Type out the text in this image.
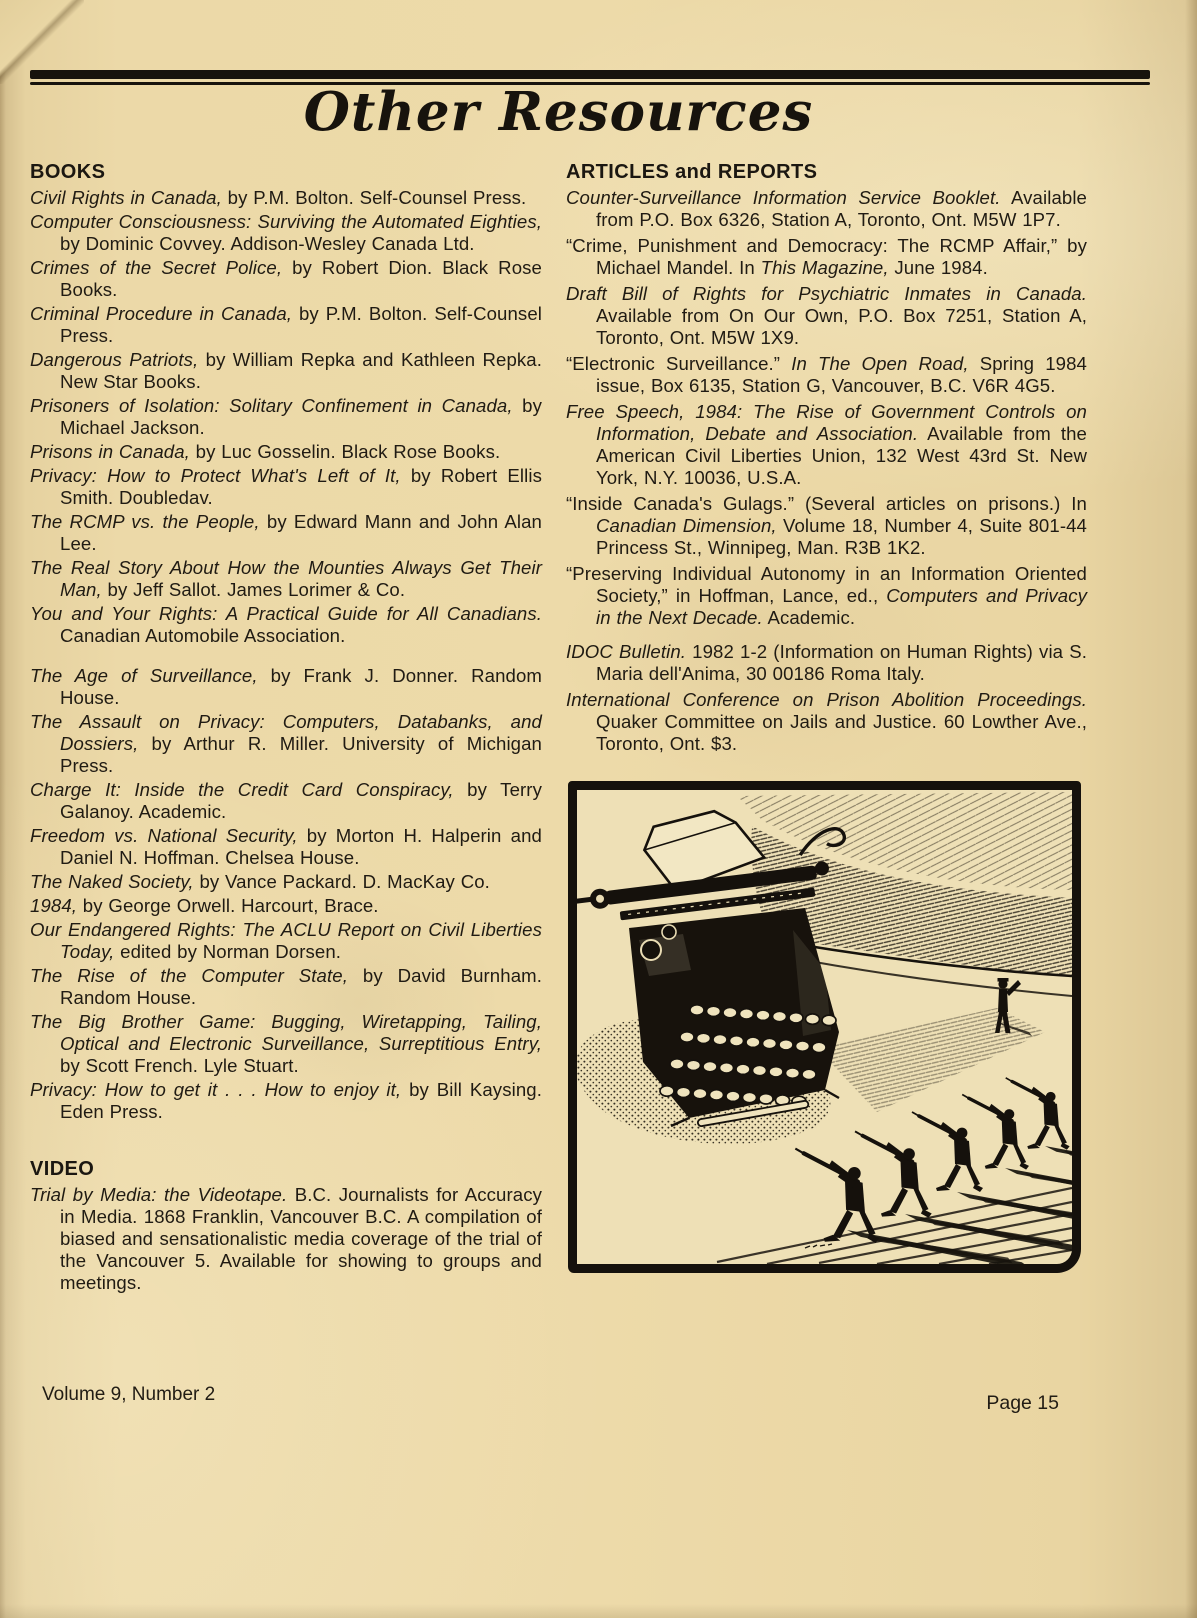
Other Resources
BOOKS

Civil Rights in Canada, by P.M. Bolton. Self-Counsel Press.

Computer Consciousness: Surviving the Automated Eighties, by Dominic Covvey. Addison-Wesley Canada Ltd.

Crimes of the Secret Police, by Robert Dion. Black Rose Books.

Criminal Procedure in Canada, by P.M. Bolton. Self-Counsel Press.

Dangerous Patriots, by William Repka and Kathleen Repka. New Star Books.

Prisoners of Isolation: Solitary Confinement in Canada, by Michael Jackson.

Prisons in Canada, by Luc Gosselin. Black Rose Books.

Privacy: How to Protect What's Left of It, by Robert Ellis Smith. Doubledav.

The RCMP vs. the People, by Edward Mann and John Alan Lee.

The Real Story About How the Mounties Always Get Their Man, by Jeff Sallot. James Lorimer & Co.

You and Your Rights: A Practical Guide for All Canadians. Canadian Automobile Association.

The Age of Surveillance, by Frank J. Donner. Random House.

The Assault on Privacy: Computers, Databanks, and Dossiers, by Arthur R. Miller. University of Michigan Press.

Charge It: Inside the Credit Card Conspiracy, by Terry Galanoy. Academic.

Freedom vs. National Security, by Morton H. Halperin and Daniel N. Hoffman. Chelsea House.

The Naked Society, by Vance Packard. D. MacKay Co.

1984, by George Orwell. Harcourt, Brace.

Our Endangered Rights: The ACLU Report on Civil Liberties Today, edited by Norman Dorsen.

The Rise of the Computer State, by David Burnham. Random House.

The Big Brother Game: Bugging, Wiretapping, Tailing, Optical and Electronic Surveillance, Surreptitious Entry, by Scott French. Lyle Stuart.

Privacy: How to get it . . . How to enjoy it, by Bill Kaysing. Eden Press.

VIDEO

Trial by Media: the Videotape. B.C. Journalists for Accuracy in Media. 1868 Franklin, Vancouver B.C. A compilation of biased and sensationalistic media coverage of the trial of the Vancouver 5. Available for showing to groups and meetings.

ARTICLES and REPORTS

Counter-Surveillance Information Service Booklet. Available from P.O. Box 6326, Station A, Toronto, Ont. M5W 1P7.

“Crime, Punishment and Democracy: The RCMP Affair,” by Michael Mandel. In This Magazine, June 1984.

Draft Bill of Rights for Psychiatric Inmates in Canada. Available from On Our Own, P.O. Box 7251, Station A, Toronto, Ont. M5W 1X9.

“Electronic Surveillance.” In The Open Road, Spring 1984 issue, Box 6135, Station G, Vancouver, B.C. V6R 4G5.

Free Speech, 1984: The Rise of Government Controls on Information, Debate and Association. Available from the American Civil Liberties Union, 132 West 43rd St. New York, N.Y. 10036, U.S.A.

“Inside Canada's Gulags.” (Several articles on prisons.) In Canadian Dimension, Volume 18, Number 4, Suite 801-44 Princess St., Winnipeg, Man. R3B 1K2.

“Preserving Individual Autonomy in an Information Oriented Society,” in Hoffman, Lance, ed., Computers and Privacy in the Next Decade. Academic.

IDOC Bulletin. 1982 1-2 (Information on Human Rights) via S. Maria dell'Anima, 30 00186 Roma Italy.

International Conference on Prison Abolition Proceedings. Quaker Committee on Jails and Justice. 60 Lowther Ave., Toronto, Ont. $3.

Volume 9, Number 2	Page 15
